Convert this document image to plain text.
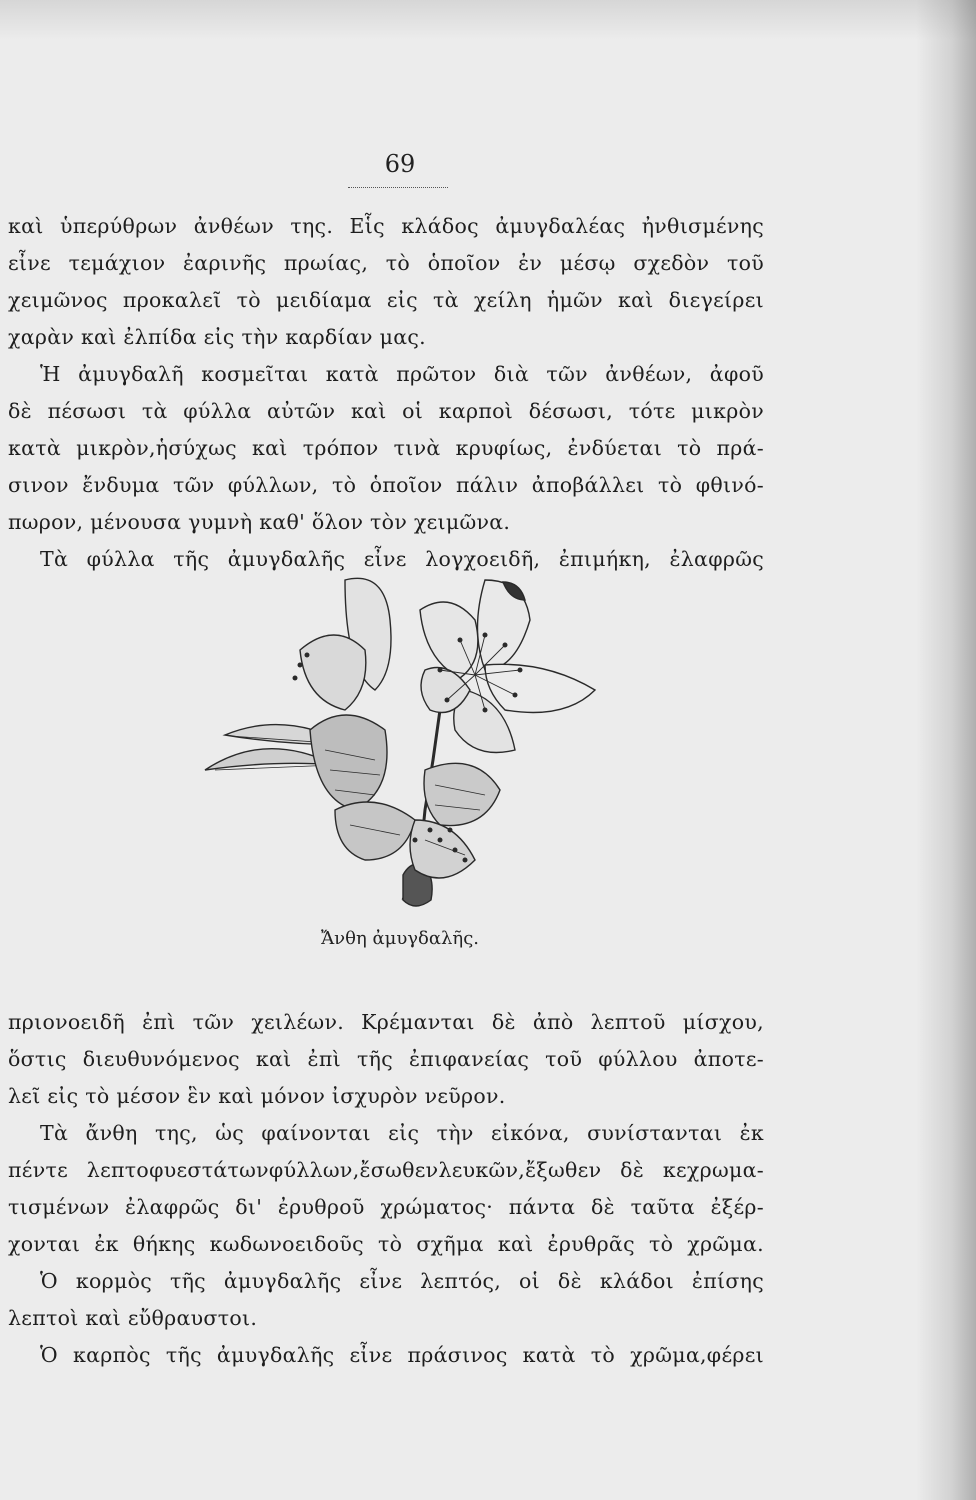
69
καὶ ὑπερύθρων ἀνθέων της. Εἷς κλάδος ἀμυγδαλέας ἠνθισμένης
εἶνε τεμάχιον ἐαρινῆς πρωίας, τὸ ὁποῖον ἐν μέσῳ σχεδὸν τοῦ
χειμῶνος προκαλεῖ τὸ μειδίαμα εἰς τὰ χείλη ἡμῶν καὶ διεγείρει
χαρὰν καὶ ἐλπίδα εἰς τὴν καρδίαν μας.
Ἡ ἀμυγδαλῆ κοσμεῖται κατὰ πρῶτον διὰ τῶν ἀνθέων, ἀφοῦ
δὲ πέσωσι τὰ φύλλα αὐτῶν καὶ οἱ καρποὶ δέσωσι, τότε μικρὸν
κατὰ μικρὸν,ἡσύχως καὶ τρόπον τινὰ κρυφίως, ἐνδύεται τὸ πρά-
σινον ἔνδυμα τῶν φύλλων, τὸ ὁποῖον πάλιν ἀποβάλλει τὸ φθινό-
πωρον, μένουσα γυμνὴ καθ' ὅλον τὸν χειμῶνα.
Τὰ φύλλα τῆς ἀμυγδαλῆς εἶνε λογχοειδῆ, ἐπιμήκη, ἐλαφρῶς
Ἄνθη ἀμυγδαλῆς.
πριονοειδῆ ἐπὶ τῶν χειλέων. Κρέμανται δὲ ἀπὸ λεπτοῦ μίσχου,
ὅστις διευθυνόμενος καὶ ἐπὶ τῆς ἐπιφανείας τοῦ φύλλου ἀποτε-
λεῖ εἰς τὸ μέσον ἓν καὶ μόνον ἰσχυρὸν νεῦρον.
Τὰ ἄνθη της, ὡς φαίνονται εἰς τὴν εἰκόνα, συνίστανται ἐκ
πέντε λεπτοφυεστάτωνφύλλων,ἔσωθενλευκῶν,ἔξωθεν δὲ κεχρωμα-
τισμένων ἐλαφρῶς δι' ἐρυθροῦ χρώματος· πάντα δὲ ταῦτα ἐξέρ-
χονται ἐκ θήκης κωδωνοειδοῦς τὸ σχῆμα καὶ ἐρυθρᾶς τὸ χρῶμα.
Ὁ κορμὸς τῆς ἀμυγδαλῆς εἶνε λεπτός, οἱ δὲ κλάδοι ἐπίσης
λεπτοὶ καὶ εὔθραυστοι.
Ὁ καρπὸς τῆς ἀμυγδαλῆς εἶνε πράσινος κατὰ τὸ χρῶμα,φέρει
